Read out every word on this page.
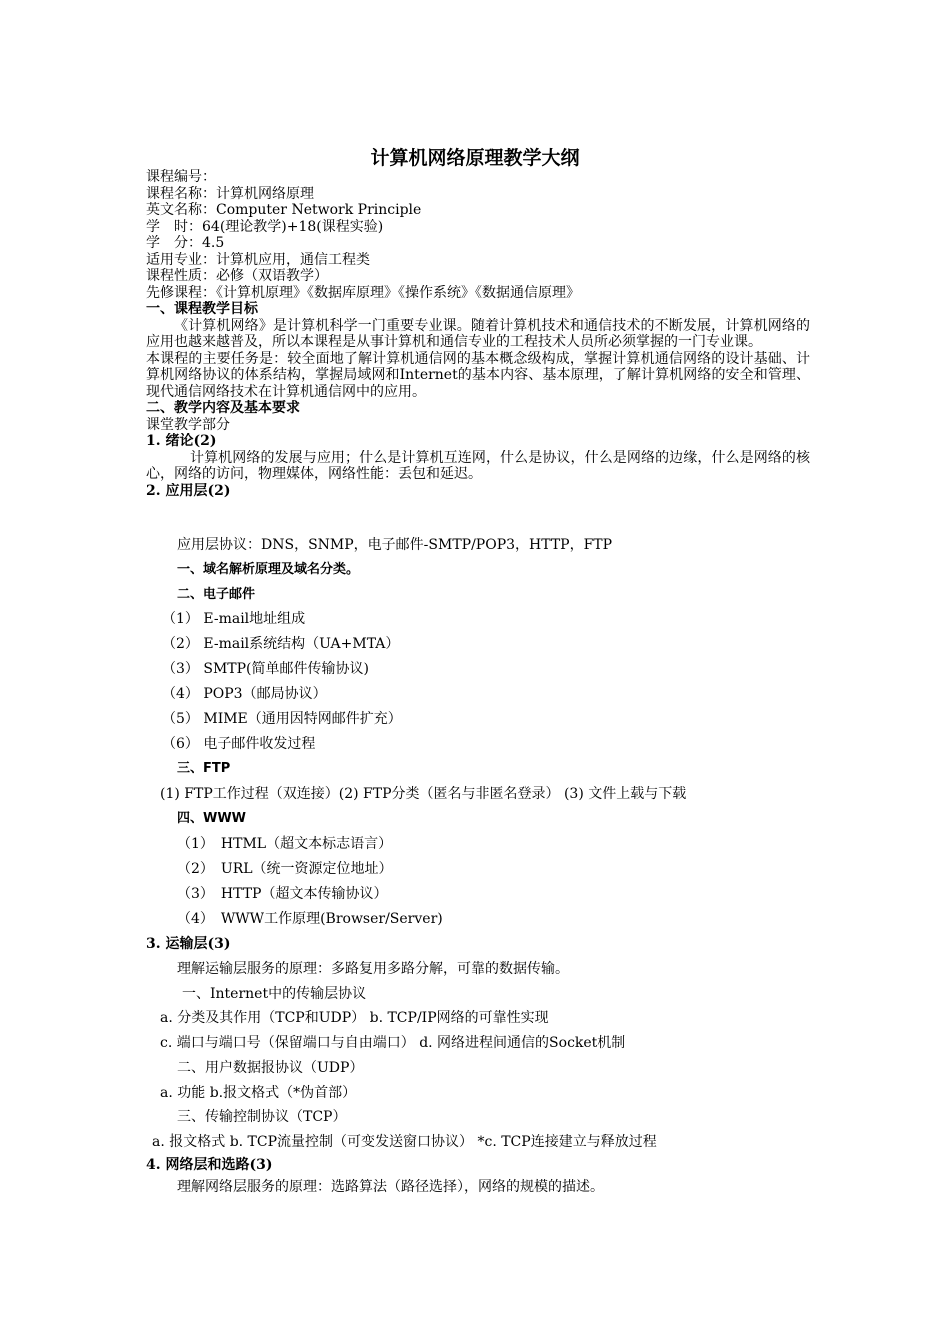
计算机网络原理教学大纲
课程编号：
课程名称：计算机网络原理
英文名称：Computer Network Principle
学　时：64(理论教学)+18(课程实验)
学　分：4.5
适用专业：计算机应用，通信工程类
课程性质：必修（双语教学）
先修课程：《计算机原理》《数据库原理》《操作系统》《数据通信原理》
一、课程教学目标
《计算机网络》是计算机科学一门重要专业课。随着计算机技术和通信技术的不断发展，计算机网络的应用也越来越普及，所以本课程是从事计算机和通信专业的工程技术人员所必须掌握的一门专业课。
本课程的主要任务是：较全面地了解计算机通信网的基本概念级构成，掌握计算机通信网络的设计基础、计算机网络协议的体系结构，掌握局域网和Internet的基本内容、基本原理，了解计算机网络的安全和管理、现代通信网络技术在计算机通信网中的应用。
二、教学内容及基本要求
课堂教学部分
1. 绪论(2)
计算机网络的发展与应用；什么是计算机互连网，什么是协议，什么是网络的边缘，什么是网络的核心，网络的访问，物理媒体，网络性能：丢包和延迟。
2. 应用层(2)
应用层协议：DNS，SNMP，电子邮件-SMTP/POP3，HTTP，FTP
一、域名解析原理及域名分类。
二、电子邮件
（1） E-mail地址组成
（2） E-mail系统结构（UA+MTA）
（3） SMTP(简单邮件传输协议)
（4） POP3（邮局协议）
（5） MIME（通用因特网邮件扩充）
（6） 电子邮件收发过程
三、FTP
(1) FTP工作过程（双连接）(2) FTP分类（匿名与非匿名登录） (3) 文件上载与下载
四、WWW
（1）　HTML（超文本标志语言）
（2）　URL（统一资源定位地址）
（3）　HTTP（超文本传输协议）
（4）　WWW工作原理(Browser/Server)
3. 运输层(3)
理解运输层服务的原理：多路复用多路分解，可靠的数据传输。
一、Internet中的传输层协议
a. 分类及其作用（TCP和UDP） b. TCP/IP网络的可靠性实现
c. 端口与端口号（保留端口与自由端口） d. 网络进程间通信的Socket机制
二、用户数据报协议（UDP）
a. 功能 b.报文格式（*伪首部）
三、传输控制协议（TCP）
a. 报文格式 b. TCP流量控制（可变发送窗口协议） *c. TCP连接建立与释放过程
4. 网络层和选路(3)
理解网络层服务的原理：选路算法（路径选择），网络的规模的描述。
